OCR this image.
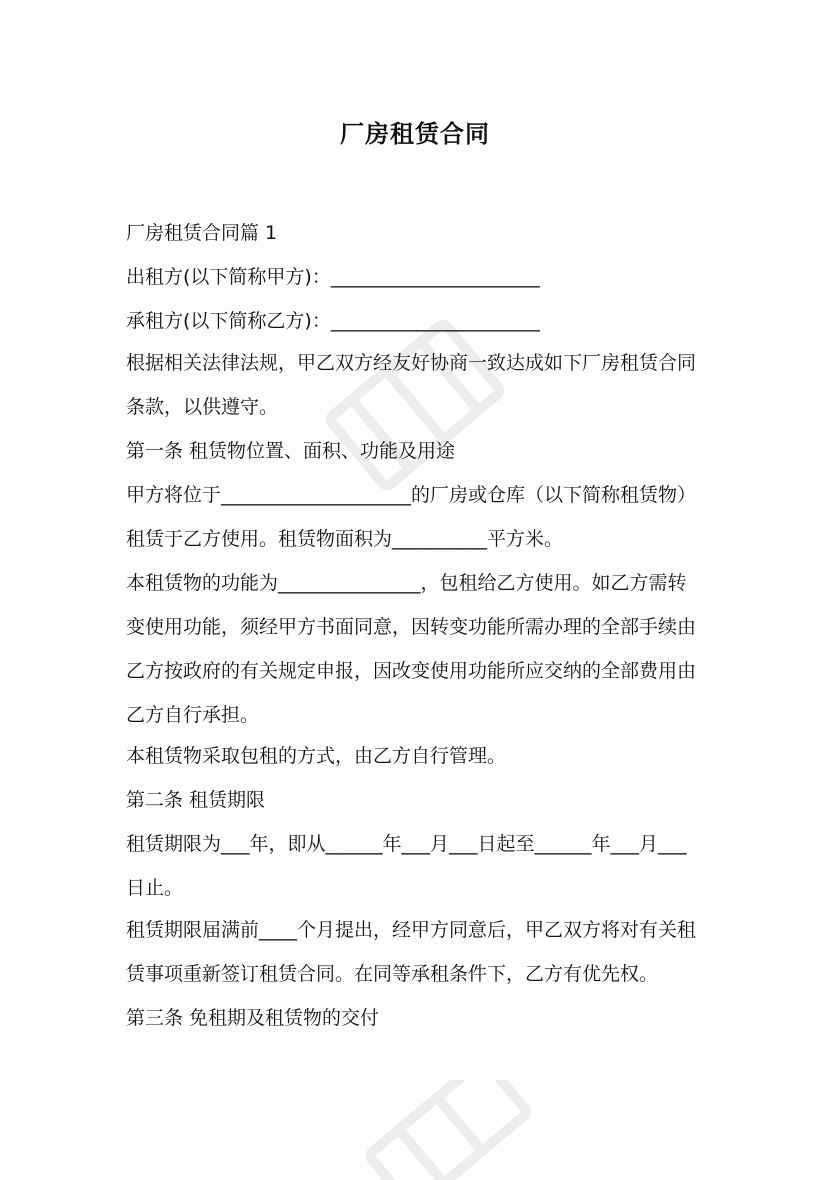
厂房租赁合同

厂房租赁合同篇 1

出租方(以下简称甲方)：______________________

承租方(以下简称乙方)：______________________

根据相关法律法规，甲乙双方经友好协商一致达成如下厂房租赁合同

条款，以供遵守。

第一条 租赁物位置、面积、功能及用途

甲方将位于____________________的厂房或仓库（以下简称租赁物）

租赁于乙方使用。租赁物面积为__________平方米。

本租赁物的功能为_______________，包租给乙方使用。如乙方需转

变使用功能，须经甲方书面同意，因转变功能所需办理的全部手续由

乙方按政府的有关规定申报，因改变使用功能所应交纳的全部费用由

乙方自行承担。

本租赁物采取包租的方式，由乙方自行管理。

第二条 租赁期限

租赁期限为___年，即从______年___月___日起至______年___月___

日止。

租赁期限届满前____个月提出，经甲方同意后，甲乙双方将对有关租

赁事项重新签订租赁合同。在同等承租条件下，乙方有优先权。

第三条 免租期及租赁物的交付
